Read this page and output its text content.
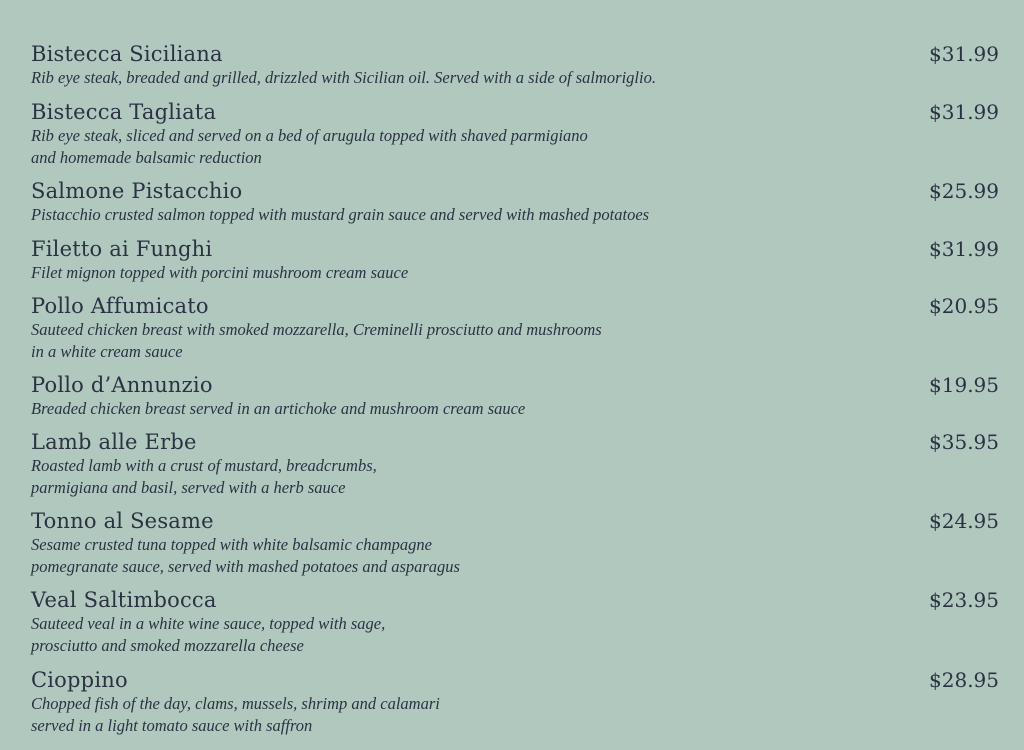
Bistecca Siciliana	$31.99
Rib eye steak, breaded and grilled, drizzled with Sicilian oil. Served with a side of salmoriglio.
Bistecca Tagliata	$31.99
Rib eye steak, sliced and served on a bed of arugula topped with shaved parmigiano
and homemade balsamic reduction
Salmone Pistacchio	$25.99
Pistacchio crusted salmon topped with mustard grain sauce and served with mashed potatoes
Filetto ai Funghi	$31.99
Filet mignon topped with porcini mushroom cream sauce
Pollo Affumicato	$20.95
Sauteed chicken breast with smoked mozzarella, Creminelli prosciutto and mushrooms
in a white cream sauce
Pollo d’Annunzio	$19.95
Breaded chicken breast served in an artichoke and mushroom cream sauce
Lamb alle Erbe	$35.95
Roasted lamb with a crust of mustard, breadcrumbs,
parmigiana and basil, served with a herb sauce
Tonno al Sesame	$24.95
Sesame crusted tuna topped with white balsamic champagne
pomegranate sauce, served with mashed potatoes and asparagus
Veal Saltimbocca	$23.95
Sauteed veal in a white wine sauce, topped with sage,
prosciutto and smoked mozzarella cheese
Cioppino	$28.95
Chopped fish of the day, clams, mussels, shrimp and calamari
served in a light tomato sauce with saffron
